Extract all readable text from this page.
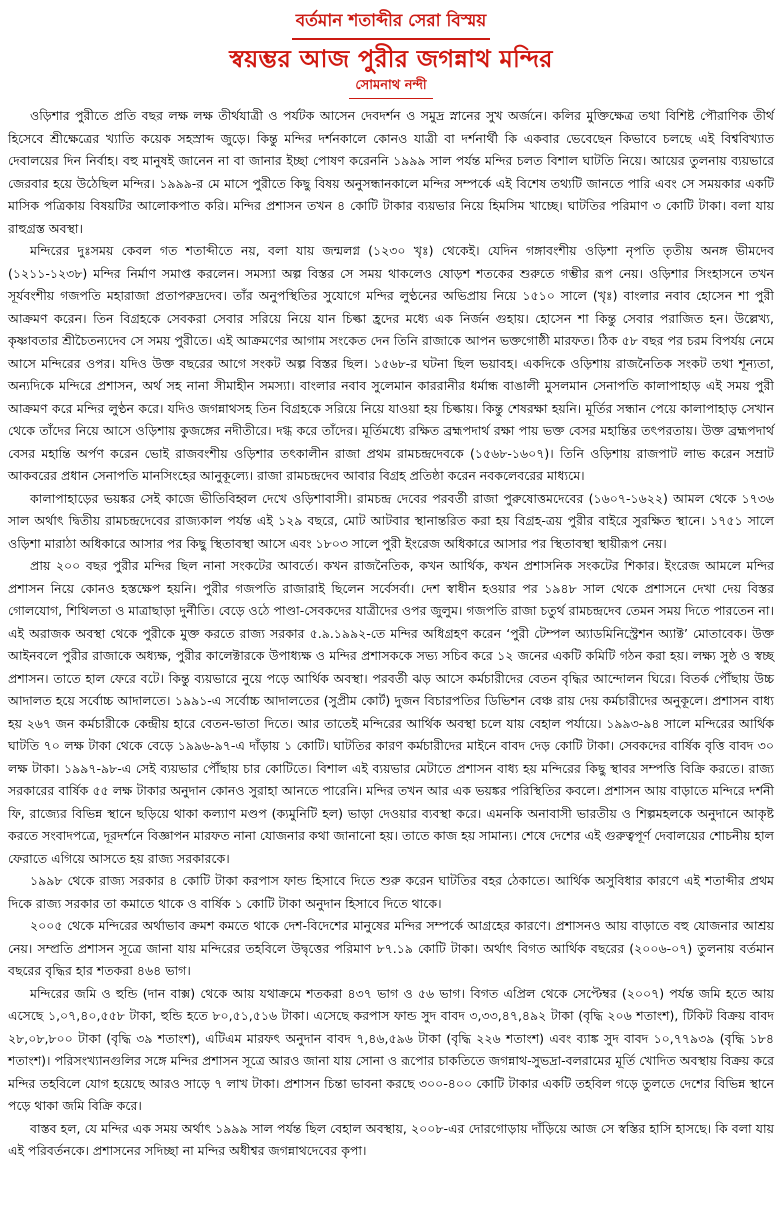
বর্তমান শতাব্দীর সেরা বিস্ময়
স্বয়ম্ভর আজ পুরীর জগন্নাথ মন্দির
সোমনাথ নন্দী

ওড়িশার পুরীতে প্রতি বছর লক্ষ লক্ষ তীর্থযাত্রী ও পর্যটক আসেন দেবদর্শন ও সমুদ্র স্নানের সুখ অর্জনে। কলির মুক্তিক্ষেত্র তথা বিশিষ্ট পৌরাণিক তীর্থ হিসেবে শ্রীক্ষেত্রের খ্যাতি কয়েক সহস্রাব্দ জুড়ে। কিন্তু মন্দির দর্শনকালে কোনও যাত্রী বা দর্শনার্থী কি একবার ভেবেছেন কিভাবে চলছে এই বিশ্ববিখ্যাত দেবালয়ের দিন নির্বাহ। বহু মানুষই জানেন না বা জানার ইচ্ছা পোষণ করেননি ১৯৯৯ সাল পর্যন্ত মন্দির চলত বিশাল ঘাটতি নিয়ে। আয়ের তুলনায় ব্যয়ভারে জেরবার হয়ে উঠেছিল মন্দির। ১৯৯৯-র মে মাসে পুরীতে কিছু বিষয় অনুসন্ধানকালে মন্দির সম্পর্কে এই বিশেষ তথ্যটি জানতে পারি এবং সে সময়কার একটি মাসিক পত্রিকায় বিষয়টির আলোকপাত করি। মন্দির প্রশাসন তখন ৪ কোটি টাকার ব্যয়ভার নিয়ে হিমসিম খাচ্ছে। ঘাটতির পরিমাণ ৩ কোটি টাকা। বলা যায় রাহুগ্রস্ত অবস্থা।

মন্দিরের দুঃসময় কেবল গত শতাব্দীতে নয়, বলা যায় জন্মলগ্ন (১২৩০ খৃঃ) থেকেই। যেদিন গঙ্গাবংশীয় ওড়িশা নৃপতি তৃতীয় অনঙ্গ ভীমদেব (১২১১-১২৩৮) মন্দির নির্মাণ সমাপ্ত করলেন। সমস্যা অল্প বিস্তর সে সময় থাকলেও ষোড়শ শতকের শুরুতে গম্ভীর রূপ নেয়। ওড়িশার সিংহাসনে তখন সূর্যবংশীয় গজপতি মহারাজা প্রতাপরুদ্রদেব। তাঁর অনুপস্থিতির সুযোগে মন্দির লুণ্ঠনের অভিপ্রায় নিয়ে ১৫১০ সালে (খৃঃ) বাংলার নবাব হোসেন শা পুরী আক্রমণ করেন। তিন বিগ্রহকে সেবকরা সেবার সরিয়ে নিয়ে যান চিল্কা হ্রদের মধ্যে এক নির্জন গুহায়। হোসেন শা কিন্তু সেবার পরাজিত হন। উল্লেখ্য, কৃষ্ণাবতার শ্রীচৈতন্যদেব সে সময় পুরীতে। এই আক্রমণের আগাম সংকেত দেন তিনি রাজাকে আপন ভক্তগোষ্ঠী মারফত। ঠিক ৫৮ বছর পর চরম বিপর্যয় নেমে আসে মন্দিরের ওপর। যদিও উক্ত বছরের আগে সংকট অল্প বিস্তর ছিল। ১৫৬৮-র ঘটনা ছিল ভয়াবহ। একদিকে ওড়িশায় রাজনৈতিক সংকট তথা শূন্যতা, অন্যদিকে মন্দিরে প্রশাসন, অর্থ সহ নানা সীমাহীন সমস্যা। বাংলার নবাব সুলেমান কাররানীর ধর্মান্ধ বাঙালী মুসলমান সেনাপতি কালাপাহাড় এই সময় পুরী আক্রমণ করে মন্দির লুণ্ঠন করে। যদিও জগন্নাথসহ তিন বিগ্রহকে সরিয়ে নিয়ে যাওয়া হয় চিল্কায়। কিন্তু শেষরক্ষা হয়নি। মূর্তির সন্ধান পেয়ে কালাপাহাড় সেখান থেকে তাঁদের নিয়ে আসে ওড়িশায় কুজঙ্গের নদীতীরে। দগ্ধ করে তাঁদের। মূর্তিমধ্যে রক্ষিত ব্রহ্মপদার্থ রক্ষা পায় ভক্ত বেসর মহান্তির তৎপরতায়। উক্ত ব্রহ্মপদার্থ বেসর মহান্তি অর্পণ করেন ভোই রাজবংশীয় ওড়িশার তৎকালীন রাজা প্রথম রামচন্দ্রদেবকে (১৫৬৮-১৬০৭)। তিনি ওড়িশায় রাজপাট লাভ করেন সম্রাট আকবরের প্রধান সেনাপতি মানসিংহের আনুকূল্যে। রাজা রামচন্দ্রদেব আবার বিগ্রহ প্রতিষ্ঠা করেন নবকলেবরের মাধ্যমে।

কালাপাহাড়ের ভয়ঙ্কর সেই কাজে ভীতিবিহ্বল দেখে ওড়িশাবাসী। রামচন্দ্র দেবের পরবর্তী রাজা পুরুষোত্তমদেবের (১৬০৭-১৬২২) আমল থেকে ১৭৩৬ সাল অর্থাৎ দ্বিতীয় রামচন্দ্রদেবের রাজ্যকাল পর্যন্ত এই ১২৯ বছরে, মোট আটবার স্থানান্তরিত করা হয় বিগ্রহ-ত্রয় পুরীর বাইরে সুরক্ষিত স্থানে। ১৭৫১ সালে ওড়িশা মারাঠা অধিকারে আসার পর কিছু স্থিতাবস্থা আসে এবং ১৮০৩ সালে পুরী ইংরেজ অধিকারে আসার পর স্থিতাবস্থা স্থায়ীরূপ নেয়।

প্রায় ২০০ বছর পুরীর মন্দির ছিল নানা সংকটের আবর্তে। কখন রাজনৈতিক, কখন আর্থিক, কখন প্রশাসনিক সংকটের শিকার। ইংরেজ আমলে মন্দির প্রশাসন নিয়ে কোনও হস্তক্ষেপ হয়নি। পুরীর গজপতি রাজারাই ছিলেন সর্বেসর্বা। দেশ স্বাধীন হওয়ার পর ১৯৪৮ সাল থেকে প্রশাসনে দেখা দেয় বিস্তর গোলযোগ, শিথিলতা ও মাত্রাছাড়া দুর্নীতি। বেড়ে ওঠে পাণ্ডা-সেবকদের যাত্রীদের ওপর জুলুম। গজপতি রাজা চতুর্থ রামচন্দ্রদেব তেমন সময় দিতে পারতেন না। এই অরাজক অবস্থা থেকে পুরীকে মুক্ত করতে রাজ্য সরকার ৫.৯.১৯৯২-তে মন্দির অধিগ্রহণ করেন ‘পুরী টেম্পল অ্যাডমিনিস্ট্রেশন অ্যাক্ট’ মোতাবেক। উক্ত আইনবলে পুরীর রাজাকে অধ্যক্ষ, পুরীর কালেক্টারকে উপাধ্যক্ষ ও মন্দির প্রশাসককে সভ্য সচিব করে ১২ জনের একটি কমিটি গঠন করা হয়। লক্ষ্য সুষ্ঠ ও স্বচ্ছ প্রশাসন। তাতে হাল ফেরে বটে। কিন্তু ব্যয়ভারে নুয়ে পড়ে আর্থিক অবস্থা। পরবর্তী ঝড় আসে কর্মচারীদের বেতন বৃদ্ধির আন্দোলন ঘিরে। বিতর্ক পৌঁছায় উচ্চ আদালত হয়ে সর্বোচ্চ আদালতে। ১৯৯১-এ সর্বোচ্চ আদালতের (সুপ্রীম কোর্ট) দুজন বিচারপতির ডিভিশন বেঞ্চ রায় দেয় কর্মচারীদের অনুকূলে। প্রশাসন বাধ্য হয় ২৬৭ জন কর্মচারীকে কেন্দ্রীয় হারে বেতন-ভাতা দিতে। আর তাতেই মন্দিরের আর্থিক অবস্থা চলে যায় বেহাল পর্যায়ে। ১৯৯৩-৯৪ সালে মন্দিরের আর্থিক ঘাটতি ৭০ লক্ষ টাকা থেকে বেড়ে ১৯৯৬-৯৭-এ দাঁড়ায় ১ কোটি। ঘাটতির কারণ কর্মচারীদের মাইনে বাবদ দেড় কোটি টাকা। সেবকদের বার্ষিক বৃত্তি বাবদ ৩০ লক্ষ টাকা। ১৯৯৭-৯৮-এ সেই ব্যয়ভার পৌঁছায় চার কোটিতে। বিশাল এই ব্যয়ভার মেটাতে প্রশাসন বাধ্য হয় মন্দিরের কিছু স্থাবর সম্পত্তি বিক্রি করতে। রাজ্য সরকারের বার্ষিক ৫৫ লক্ষ টাকার অনুদান কোনও সুরাহা আনতে পারেনি। মন্দির তখন আর এক ভয়ঙ্কর পরিস্থিতির কবলে। প্রশাসন আয় বাড়াতে মন্দিরে দর্শনী ফি, রাজ্যের বিভিন্ন স্থানে ছড়িয়ে থাকা কল্যাণ মণ্ডপ (ক্যমুনিটি হল) ভাড়া দেওয়ার ব্যবস্থা করে। এমনকি অনাবাসী ভারতীয় ও শিল্পমহলকে অনুদানে আকৃষ্ট করতে সংবাদপত্রে, দূরদর্শনে বিজ্ঞাপন মারফত নানা যোজনার কথা জানানো হয়। তাতে কাজ হয় সামান্য। শেষে দেশের এই গুরুত্বপূর্ণ দেবালয়ের শোচনীয় হাল ফেরাতে এগিয়ে আসতে হয় রাজ্য সরকারকে।

১৯৯৮ থেকে রাজ্য সরকার ৪ কোটি টাকা করপাস ফান্ড হিসাবে দিতে শুরু করেন ঘাটতির বহর ঠেকাতে। আর্থিক অসুবিধার কারণে এই শতাব্দীর প্রথম দিকে রাজ্য সরকার তা কমাতে থাকে ও বার্ষিক ১ কোটি টাকা অনুদান হিসাবে দিতে থাকে।

২০০৫ থেকে মন্দিরের অর্থাভাব ক্রমশ কমতে থাকে দেশ-বিদেশের মানুষের মন্দির সম্পর্কে আগ্রহের কারণে। প্রশাসনও আয় বাড়াতে বহু যোজনার আশ্রয় নেয়। সম্প্রতি প্রশাসন সূত্রে জানা যায় মন্দিরের তহবিলে উদ্বৃত্তের পরিমাণ ৮৭.১৯ কোটি টাকা। অর্থাৎ বিগত আর্থিক বছরের (২০০৬-০৭) তুলনায় বর্তমান বছরের বৃদ্ধির হার শতকরা ৪৬৪ ভাগ।

মন্দিরের জমি ও হুন্ডি (দান বাক্স) থেকে আয় যথাক্রমে শতকরা ৪৩৭ ভাগ ও ৫৬ ভাগ। বিগত এপ্রিল থেকে সেপ্টেম্বর (২০০৭) পর্যন্ত জমি হতে আয় এসেছে ১,০৭,৪০,৫৫৮ টাকা, হুন্ডি হতে ৮০,৫১,৫১৬ টাকা। এসেছে করপাস ফান্ড সুদ বাবদ ৩,৩৩,৪৭,৪৯২ টাকা (বৃদ্ধি ২০৬ শতাংশ), টিকিট বিক্রয় বাবদ ২৮,০৮,৮০০ টাকা (বৃদ্ধি ৩৯ শতাংশ), এটিএম মারফৎ অনুদান বাবদ ৭,৪৬,৫৯৬ টাকা (বৃদ্ধি ২২৬ শতাংশ) এবং ব্যাঙ্ক সুদ বাবদ ১০,৭৭৯৩৯ (বৃদ্ধি ১৮৪ শতাংশ)। পরিসংখ্যানগুলির সঙ্গে মন্দির প্রশাসন সূত্রে আরও জানা যায় সোনা ও রূপোর চাকতিতে জগন্নাথ-সুভদ্রা-বলরামের মূর্তি খোদিত অবস্থায় বিক্রয় করে মন্দির তহবিলে যোগ হয়েছে আরও সাড়ে ৭ লাখ টাকা। প্রশাসন চিন্তা ভাবনা করছে ৩০০-৪০০ কোটি টাকার একটি তহবিল গড়ে তুলতে দেশের বিভিন্ন স্থানে পড়ে থাকা জমি বিক্রি করে।

বাস্তব হল, যে মন্দির এক সময় অর্থাৎ ১৯৯৯ সাল পর্যন্ত ছিল বেহাল অবস্থায়, ২০০৮-এর দোরগোড়ায় দাঁড়িয়ে আজ সে স্বস্তির হাসি হাসছে। কি বলা যায় এই পরিবর্তনকে। প্রশাসনের সদিচ্ছা না মন্দির অধীশ্বর জগন্নাথদেবের কৃপা।
